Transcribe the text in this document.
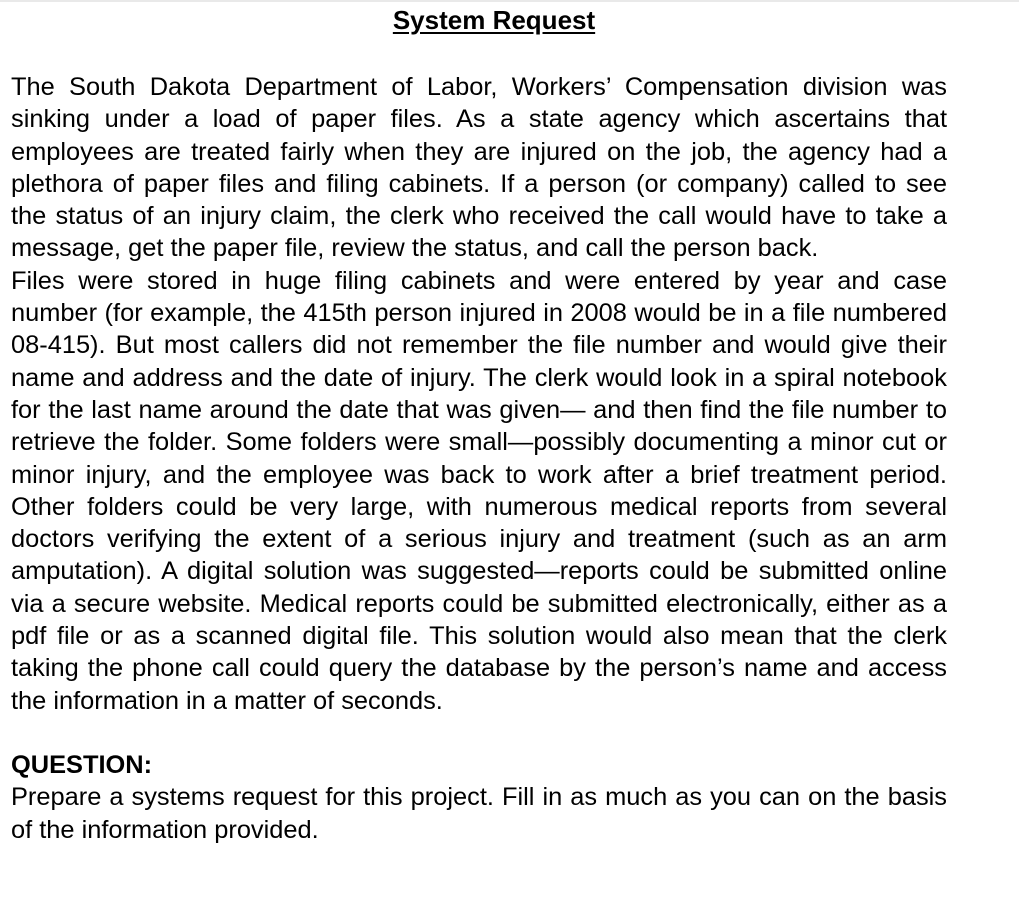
System Request

The South Dakota Department of Labor, Workers’ Compensation division was sinking under a load of paper files. As a state agency which ascertains that employees are treated fairly when they are injured on the job, the agency had a plethora of paper files and filing cabinets. If a person (or company) called to see the status of an injury claim, the clerk who received the call would have to take a message, get the paper file, review the status, and call the person back.

Files were stored in huge filing cabinets and were entered by year and case number (for example, the 415th person injured in 2008 would be in a file numbered 08-415). But most callers did not remember the file number and would give their name and address and the date of injury. The clerk would look in a spiral notebook for the last name around the date that was given— and then find the file number to retrieve the folder. Some folders were small—possibly documenting a minor cut or minor injury, and the employee was back to work after a brief treatment period. Other folders could be very large, with numerous medical reports from several doctors verifying the extent of a serious injury and treatment (such as an arm amputation). A digital solution was suggested—reports could be submitted online via a secure website. Medical reports could be submitted electronically, either as a pdf file or as a scanned digital file. This solution would also mean that the clerk taking the phone call could query the database by the person’s name and access the information in a matter of seconds.

QUESTION:

Prepare a systems request for this project. Fill in as much as you can on the basis of the information provided.
